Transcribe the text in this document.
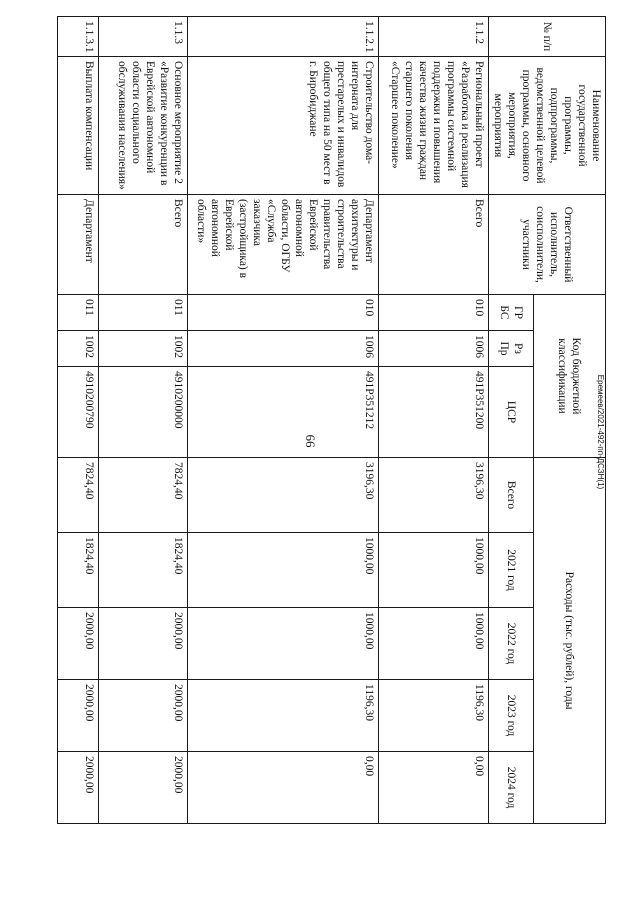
66	Еремеев/2021-492-пп-ДСЗН(1)
№ п/п	Наименование государственной программы, подпрограммы, ведомственной целевой программы, основного мероприятия, мероприятия	Ответственный исполнитель, соисполнители, участники	Код бюджетной классификации			Расходы (тыс. рублей), годы				
			ГР БС	Рз Пр	ЦСР	Всего	2021 год	2022 год	2023 год	2024 год
1.1.2	Региональный проект «Разработка и реализация программы системной поддержки и повышения качества жизни граждан старшего поколения «Старшее поколение»	Всего	010	1006	491P351200	3196,30	1000,00	1000,00	1196,30	0,00
1.1.2.1	Строительство дома-интерната для престарелых и инвалидов общего типа на 50 мест в г. Биробиджане	Департамент архитектуры и строительства правительства Еврейской автономной области, ОГБУ «Служба заказчика (застройщика) в Еврейской автономной области»	010	1006	491P351212	3196,30	1000,00	1000,00	1196,30	0,00
1.1.3	Основное мероприятие 2 «Развитие конкуренции в Еврейской автономной области социального обслуживания населения»	Всего	011	1002	4910200000	7824,40	1824,40	2000,00	2000,00	2000,00
1.1.3.1	Выплата компенсации	Департамент	011	1002	4910200790	7824,40	1824,40	2000,00	2000,00	2000,00
